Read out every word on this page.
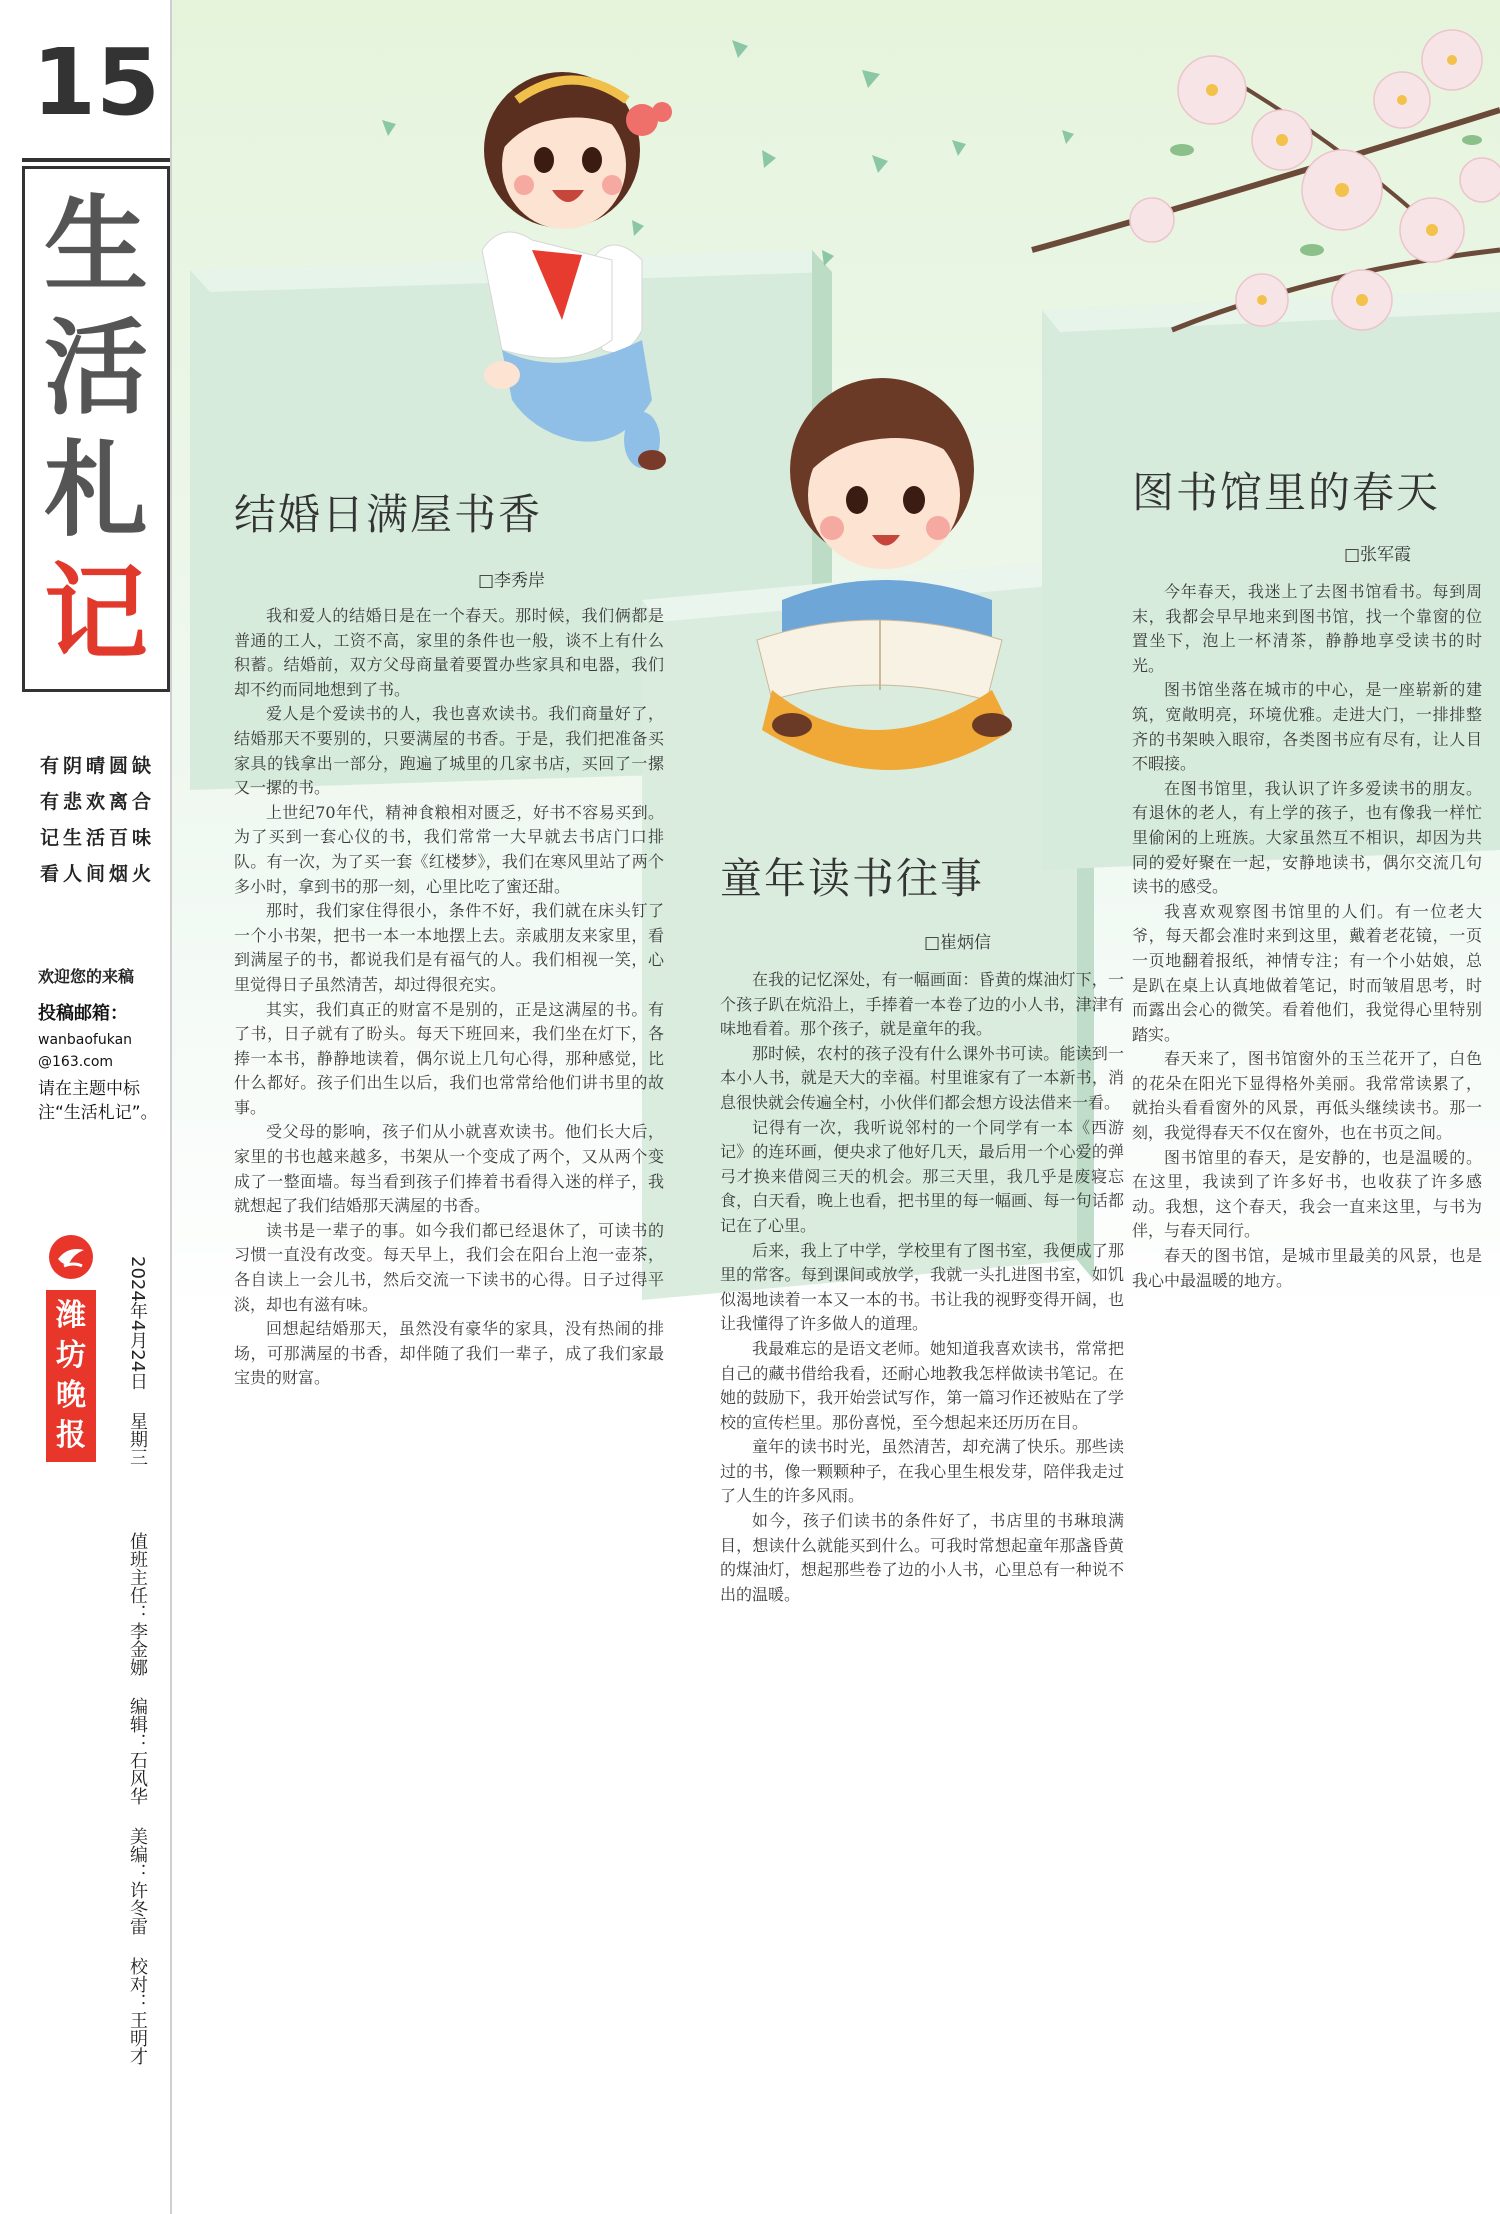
15
生
活
札
记
有阴晴圆缺
有悲欢离合
记生活百味
看人间烟火
欢迎您的来稿
投稿邮箱：
wanbaofukan
@163.com
请在主题中标注“生活札记”。
潍坊晚报
2024年4月24日 星期三 值班主任：李金娜 编辑：石风华 美编：许冬雷 校对：王明才
结婚日满屋书香
□李秀岸

我和爱人的结婚日是在一个春天。那时候，我们俩都是普通的工人，工资不高，家里的条件也一般，谈不上有什么积蓄。结婚前，双方父母商量着要置办些家具和电器，我们却不约而同地想到了书。

爱人是个爱读书的人，我也喜欢读书。我们商量好了，结婚那天不要别的，只要满屋的书香。于是，我们把准备买家具的钱拿出一部分，跑遍了城里的几家书店，买回了一摞又一摞的书。

上世纪70年代，精神食粮相对匮乏，好书不容易买到。为了买到一套心仪的书，我们常常一大早就去书店门口排队。有一次，为了买一套《红楼梦》，我们在寒风里站了两个多小时，拿到书的那一刻，心里比吃了蜜还甜。

那时，我们家住得很小，条件不好，我们就在床头钉了一个小书架，把书一本一本地摆上去。亲戚朋友来家里，看到满屋子的书，都说我们是有福气的人。我们相视一笑，心里觉得日子虽然清苦，却过得很充实。

其实，我们真正的财富不是别的，正是这满屋的书。有了书，日子就有了盼头。每天下班回来，我们坐在灯下，各捧一本书，静静地读着，偶尔说上几句心得，那种感觉，比什么都好。孩子们出生以后，我们也常常给他们讲书里的故事。

受父母的影响，孩子们从小就喜欢读书。他们长大后，家里的书也越来越多，书架从一个变成了两个，又从两个变成了一整面墙。每当看到孩子们捧着书看得入迷的样子，我就想起了我们结婚那天满屋的书香。

读书是一辈子的事。如今我们都已经退休了，可读书的习惯一直没有改变。每天早上，我们会在阳台上泡一壶茶，各自读上一会儿书，然后交流一下读书的心得。日子过得平淡，却也有滋有味。

回想起结婚那天，虽然没有豪华的家具，没有热闹的排场，可那满屋的书香，却伴随了我们一辈子，成了我们家最宝贵的财富。

童年读书往事
□崔炳信

在我的记忆深处，有一幅画面：昏黄的煤油灯下，一个孩子趴在炕沿上，手捧着一本卷了边的小人书，津津有味地看着。那个孩子，就是童年的我。

那时候，农村的孩子没有什么课外书可读。能读到一本小人书，就是天大的幸福。村里谁家有了一本新书，消息很快就会传遍全村，小伙伴们都会想方设法借来一看。

记得有一次，我听说邻村的一个同学有一本《西游记》的连环画，便央求了他好几天，最后用一个心爱的弹弓才换来借阅三天的机会。那三天里，我几乎是废寝忘食，白天看，晚上也看，把书里的每一幅画、每一句话都记在了心里。

后来，我上了中学，学校里有了图书室，我便成了那里的常客。每到课间或放学，我就一头扎进图书室，如饥似渴地读着一本又一本的书。书让我的视野变得开阔，也让我懂得了许多做人的道理。

我最难忘的是语文老师。她知道我喜欢读书，常常把自己的藏书借给我看，还耐心地教我怎样做读书笔记。在她的鼓励下，我开始尝试写作，第一篇习作还被贴在了学校的宣传栏里。那份喜悦，至今想起来还历历在目。

童年的读书时光，虽然清苦，却充满了快乐。那些读过的书，像一颗颗种子，在我心里生根发芽，陪伴我走过了人生的许多风雨。

如今，孩子们读书的条件好了，书店里的书琳琅满目，想读什么就能买到什么。可我时常想起童年那盏昏黄的煤油灯，想起那些卷了边的小人书，心里总有一种说不出的温暖。

图书馆里的春天
□张军霞

今年春天，我迷上了去图书馆看书。每到周末，我都会早早地来到图书馆，找一个靠窗的位置坐下，泡上一杯清茶，静静地享受读书的时光。

图书馆坐落在城市的中心，是一座崭新的建筑，宽敞明亮，环境优雅。走进大门，一排排整齐的书架映入眼帘，各类图书应有尽有，让人目不暇接。

在图书馆里，我认识了许多爱读书的朋友。有退休的老人，有上学的孩子，也有像我一样忙里偷闲的上班族。大家虽然互不相识，却因为共同的爱好聚在一起，安静地读书，偶尔交流几句读书的感受。

我喜欢观察图书馆里的人们。有一位老大爷，每天都会准时来到这里，戴着老花镜，一页一页地翻着报纸，神情专注；有一个小姑娘，总是趴在桌上认真地做着笔记，时而皱眉思考，时而露出会心的微笑。看着他们，我觉得心里特别踏实。

春天来了，图书馆窗外的玉兰花开了，白色的花朵在阳光下显得格外美丽。我常常读累了，就抬头看看窗外的风景，再低头继续读书。那一刻，我觉得春天不仅在窗外，也在书页之间。

图书馆里的春天，是安静的，也是温暖的。在这里，我读到了许多好书，也收获了许多感动。我想，这个春天，我会一直来这里，与书为伴，与春天同行。

春天的图书馆，是城市里最美的风景，也是我心中最温暖的地方。
